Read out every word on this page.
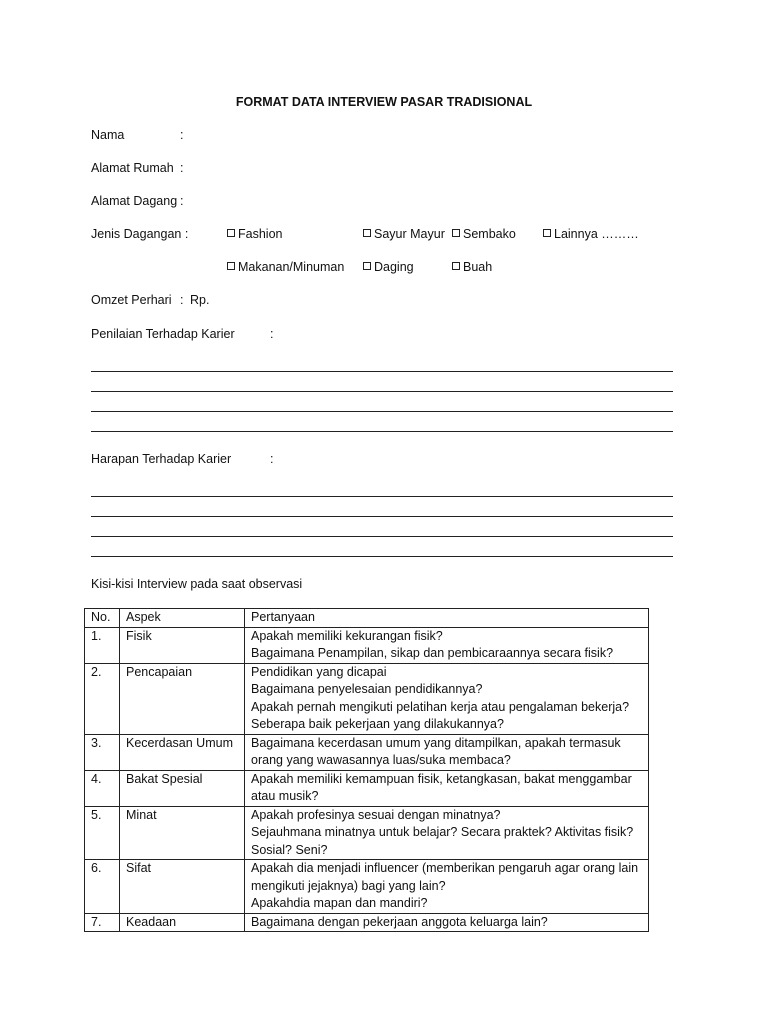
FORMAT DATA INTERVIEW PASAR TRADISIONAL
Nama	:
Alamat Rumah :
Alamat Dagang :
Jenis Dagangan :	Fashion	Sayur Mayur	Sembako	Lainnya ………
Makanan/Minuman	Daging	Buah
Omzet Perhari : Rp.
Penilaian Terhadap Karier	:
Harapan Terhadap Karier	:
Kisi-kisi Interview pada saat observasi
No.	Aspek	Pertanyaan
1.	Fisik	Apakah memiliki kekurangan fisik?
Bagaimana Penampilan, sikap dan pembicaraannya secara fisik?

2.	Pencapaian	Pendidikan yang dicapai
Bagaimana penyelesaian pendidikannya?
Apakah pernah mengikuti pelatihan kerja atau pengalaman bekerja?
Seberapa baik pekerjaan yang dilakukannya?

3.	Kecerdasan Umum	Bagaimana kecerdasan umum yang ditampilkan, apakah termasuk
orang yang wawasannya luas/suka membaca?

4.	Bakat Spesial	Apakah memiliki kemampuan fisik, ketangkasan, bakat menggambar
atau musik?

5.	Minat	Apakah profesinya sesuai dengan minatnya?
Sejauhmana minatnya untuk belajar? Secara praktek? Aktivitas fisik?
Sosial? Seni?

6.	Sifat	Apakah dia menjadi influencer (memberikan pengaruh agar orang lain
mengikuti jejaknya) bagi yang lain?
Apakahdia mapan dan mandiri?

7.	Keadaan	Bagaimana dengan pekerjaan anggota keluarga lain?
